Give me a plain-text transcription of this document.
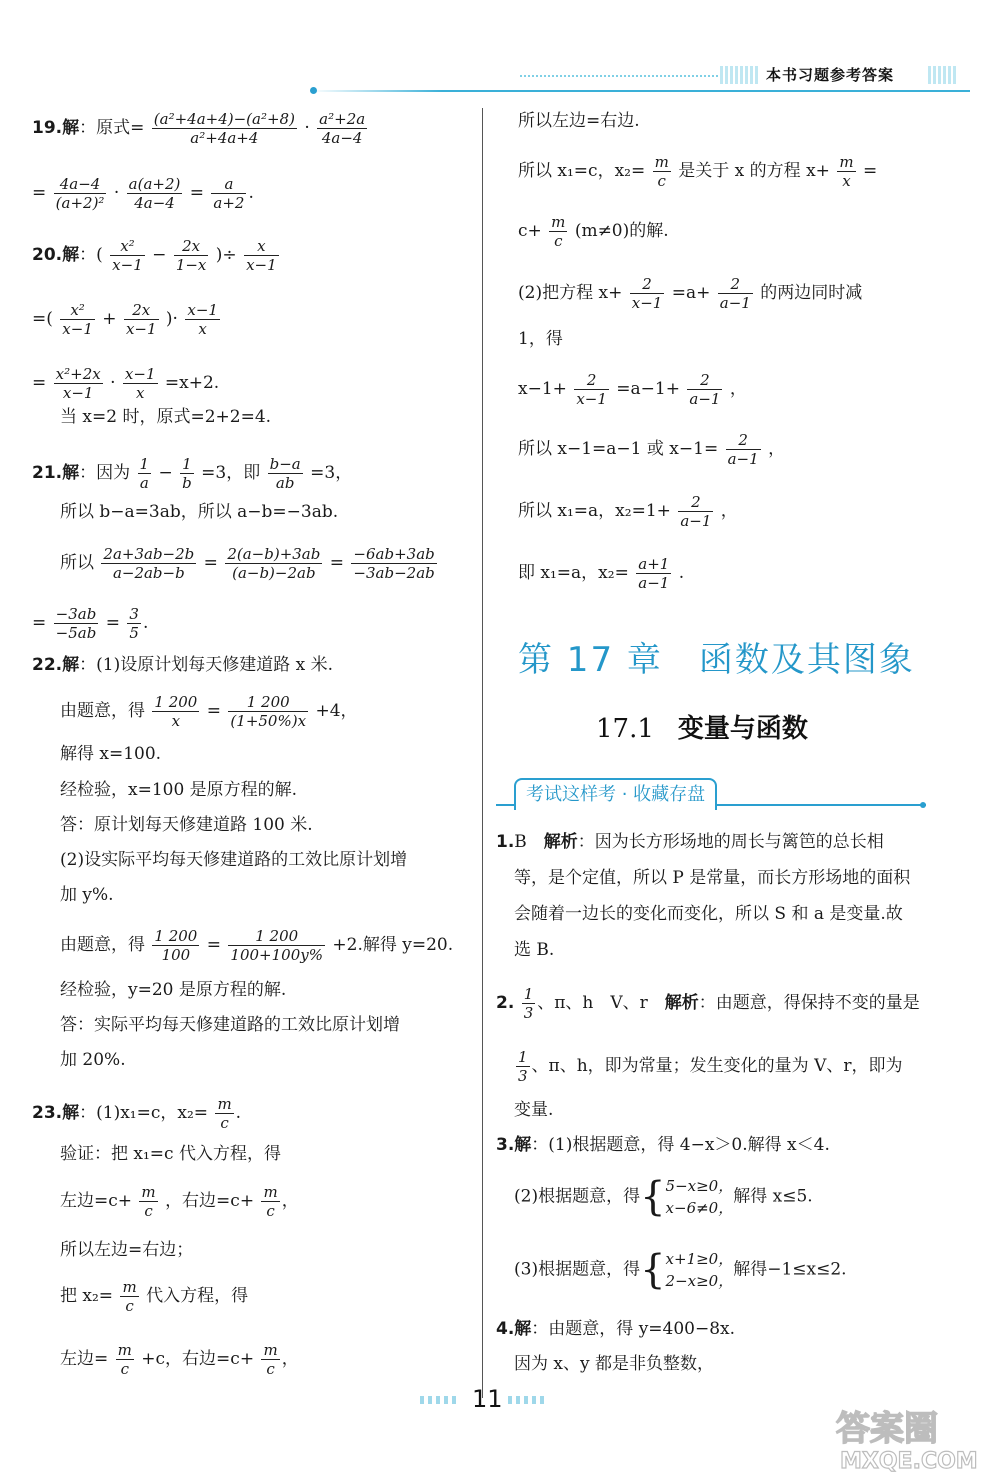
本书习题参考答案
19.解：原式= $\frac{\text{(a²+4a+4)−(a²+8)}}{\text{a²+4a+4}} \cdot \frac{\text{a²+2a}}{4a-4}$
= $\frac{4a-4}{\text{(a+2)²}} \cdot \frac{a(a+2)}{4a-4} = \frac{a}{a+2}$ .
20.解：( $\frac{\text{x²}}{x-1} - \frac{2x}{1-x}$ )÷ $\frac{x}{x-1}$
=( $\frac{\text{x²}}{x-1} + \frac{2x}{x-1}$ )· $\frac{x-1}{x}$
= $\frac{\text{x²+2x}}{x-1} \cdot \frac{x-1}{x} =x+2$.
当 x=2 时，原式=2+2=4.
21.解：因为 $\frac{1}{a} - \frac{1}{b} =3$，即 $\frac{b-a}{ab} =3$，
所以 b−a=3ab，所以 a−b=−3ab.
所以 $\frac{2a+3ab-2b}{a-2ab-b} = \frac{2(a-b)+3ab}{(a-b)-2ab} = \frac{-6ab+3ab}{-3ab-2ab}$
= $\frac{-3ab}{-5ab} = \frac{3}{5}$ .
22.解：(1)设原计划每天修建道路 x 米.
由题意，得 $\frac{1 200}{x} = \frac{1 200}{(1+50\%)x} +4$，
解得 x=100.
经检验，x=100 是原方程的解.
答：原计划每天修建道路 100 米.
(2)设实际平均每天修建道路的工效比原计划增
加 y%.
由题意，得 $\frac{1 200}{100} = \frac{1 200}{100+100y\%} +2$.解得 y=20.
经检验，y=20 是原方程的解.
答：实际平均每天修建道路的工效比原计划增
加 20%.
23.解：(1)x₁=c，$x_2= \frac{m}{c}$ .
验证：把 x₁=c 代入方程，得
左边$=c+ \frac{m}{c}$ ，右边$=c+ \frac{m}{c}$ ，
所以左边=右边；
把 $x_2= \frac{m}{c}$ 代入方程，得
左边= $\frac{m}{c} +c$，右边$=c+ \frac{m}{c}$ ，
所以左边=右边.
所以 x₁=c，$x_2= \frac{m}{c}$ 是关于 x 的方程 $x+ \frac{m}{x}$ =
$c+ \frac{m}{c} (m\ne 0)$的解.
(2)把方程 $x+ \frac{2}{x-1} =a+ \frac{2}{a-1}$ 的两边同时减
1，得
$x-1+ \frac{2}{x-1} =a-1+ \frac{2}{a-1}$ ，
所以 x−1=a−1 或 $x-1= \frac{2}{a-1}$ ，
所以 x₁=a，$x_2=1+ \frac{2}{a-1}$ ，
即 x₁=a，$x_2= \frac{a+1}{a-1}$ .
第 17 章　函数及其图象
17.1 变量与函数
考试这样考 · 收藏存盘
1.B　解析：因为长方形场地的周长与篱笆的总长相
等，是个定值，所以 P 是常量，而长方形场地的面积
会随着一边长的变化而变化，所以 S 和 a 是变量.故
选 B.
2. $\frac{1}{3}$ 、π、h　V、r　解析：由题意，得保持不变的量是
$\frac{1}{3}$ 、π、h，即为常量；发生变化的量为 V、r，即为
变量.
3.解：(1)根据题意，得 4−x＞0.解得 x＜4.
(2)根据题意，得{ 5−x≥0，
x−6≠0，
解得 x≤5.
(3)根据题意，得{ x+1≥0，
2−x≥0，
解得−1≤x≤2.
4.解：由题意，得 y=400−8x.
因为 x、y 都是非负整数，
11
答案圈
MXQE.COM
